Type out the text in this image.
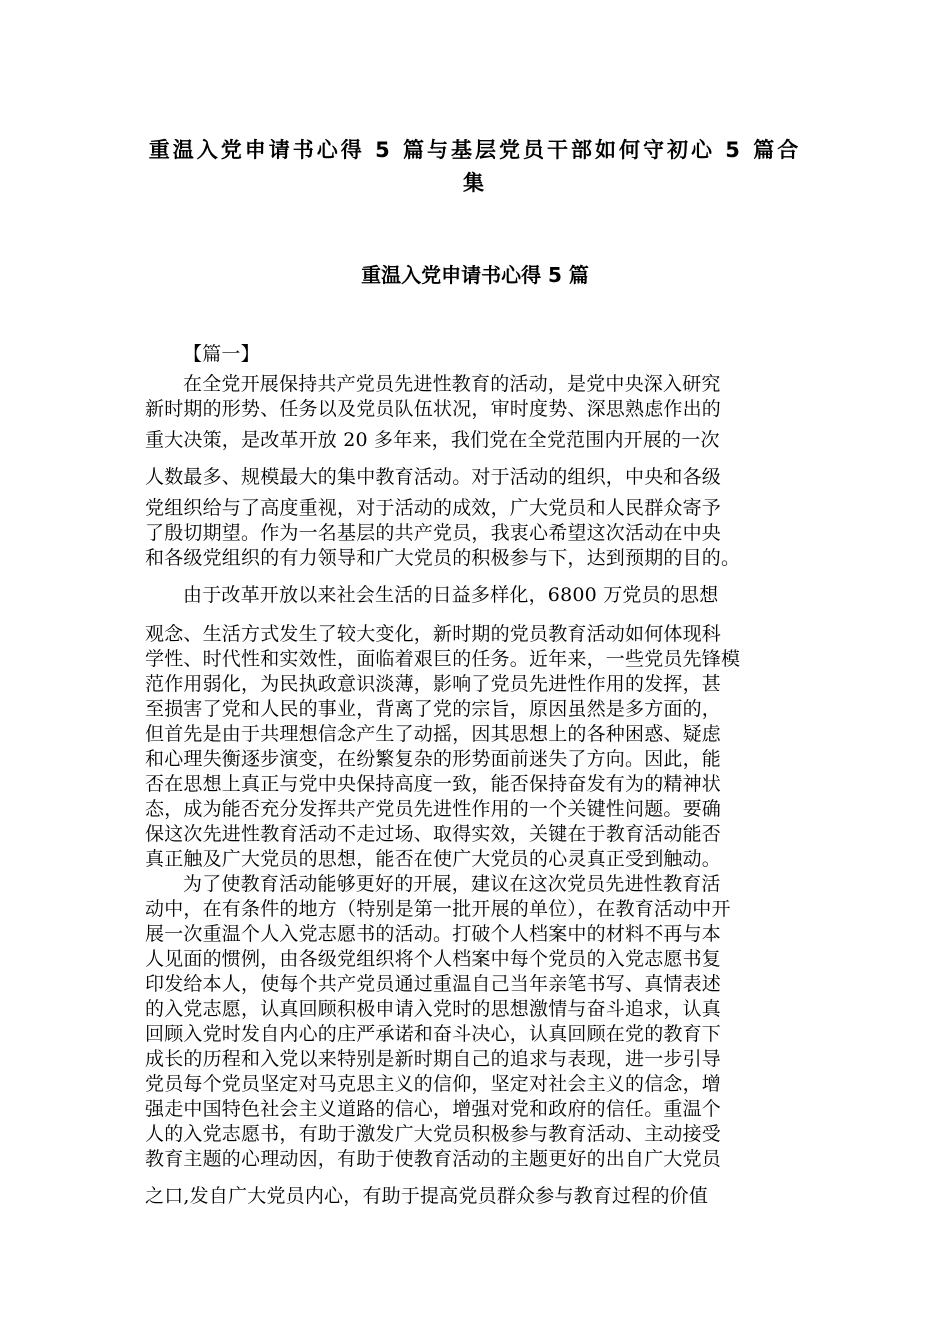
重温入党申请书心得 5 篇与基层党员干部如何守初心 5 篇合
集
重温入党申请书心得 5 篇
【篇一】
在全党开展保持共产党员先进性教育的活动，是党中央深入研究
新时期的形势、任务以及党员队伍状况，审时度势、深思熟虑作出的
重大决策，是改革开放 20 多年来，我们党在全党范围内开展的一次
人数最多、规模最大的集中教育活动。对于活动的组织，中央和各级
党组织给与了高度重视，对于活动的成效，广大党员和人民群众寄予
了殷切期望。作为一名基层的共产党员，我衷心希望这次活动在中央
和各级党组织的有力领导和广大党员的积极参与下，达到预期的目的。
由于改革开放以来社会生活的日益多样化，6800 万党员的思想
观念、生活方式发生了较大变化，新时期的党员教育活动如何体现科
学性、时代性和实效性，面临着艰巨的任务。近年来，一些党员先锋模
范作用弱化，为民执政意识淡薄，影响了党员先进性作用的发挥，甚
至损害了党和人民的事业，背离了党的宗旨，原因虽然是多方面的，
但首先是由于共理想信念产生了动摇，因其思想上的各种困惑、疑虑
和心理失衡逐步演变，在纷繁复杂的形势面前迷失了方向。因此，能
否在思想上真正与党中央保持高度一致，能否保持奋发有为的精神状
态，成为能否充分发挥共产党员先进性作用的一个关键性问题。要确
保这次先进性教育活动不走过场、取得实效，关键在于教育活动能否
真正触及广大党员的思想，能否在使广大党员的心灵真正受到触动。
为了使教育活动能够更好的开展，建议在这次党员先进性教育活
动中，在有条件的地方（特别是第一批开展的单位），在教育活动中开
展一次重温个人入党志愿书的活动。打破个人档案中的材料不再与本
人见面的惯例，由各级党组织将个人档案中每个党员的入党志愿书复
印发给本人，使每个共产党员通过重温自己当年亲笔书写、真情表述
的入党志愿，认真回顾积极申请入党时的思想激情与奋斗追求，认真
回顾入党时发自内心的庄严承诺和奋斗决心，认真回顾在党的教育下
成长的历程和入党以来特别是新时期自己的追求与表现，进一步引导
党员每个党员坚定对马克思主义的信仰，坚定对社会主义的信念，增
强走中国特色社会主义道路的信心，增强对党和政府的信任。重温个
人的入党志愿书，有助于激发广大党员积极参与教育活动、主动接受
教育主题的心理动因，有助于使教育活动的主题更好的出自广大党员
之口,发自广大党员内心，有助于提高党员群众参与教育过程的价值
